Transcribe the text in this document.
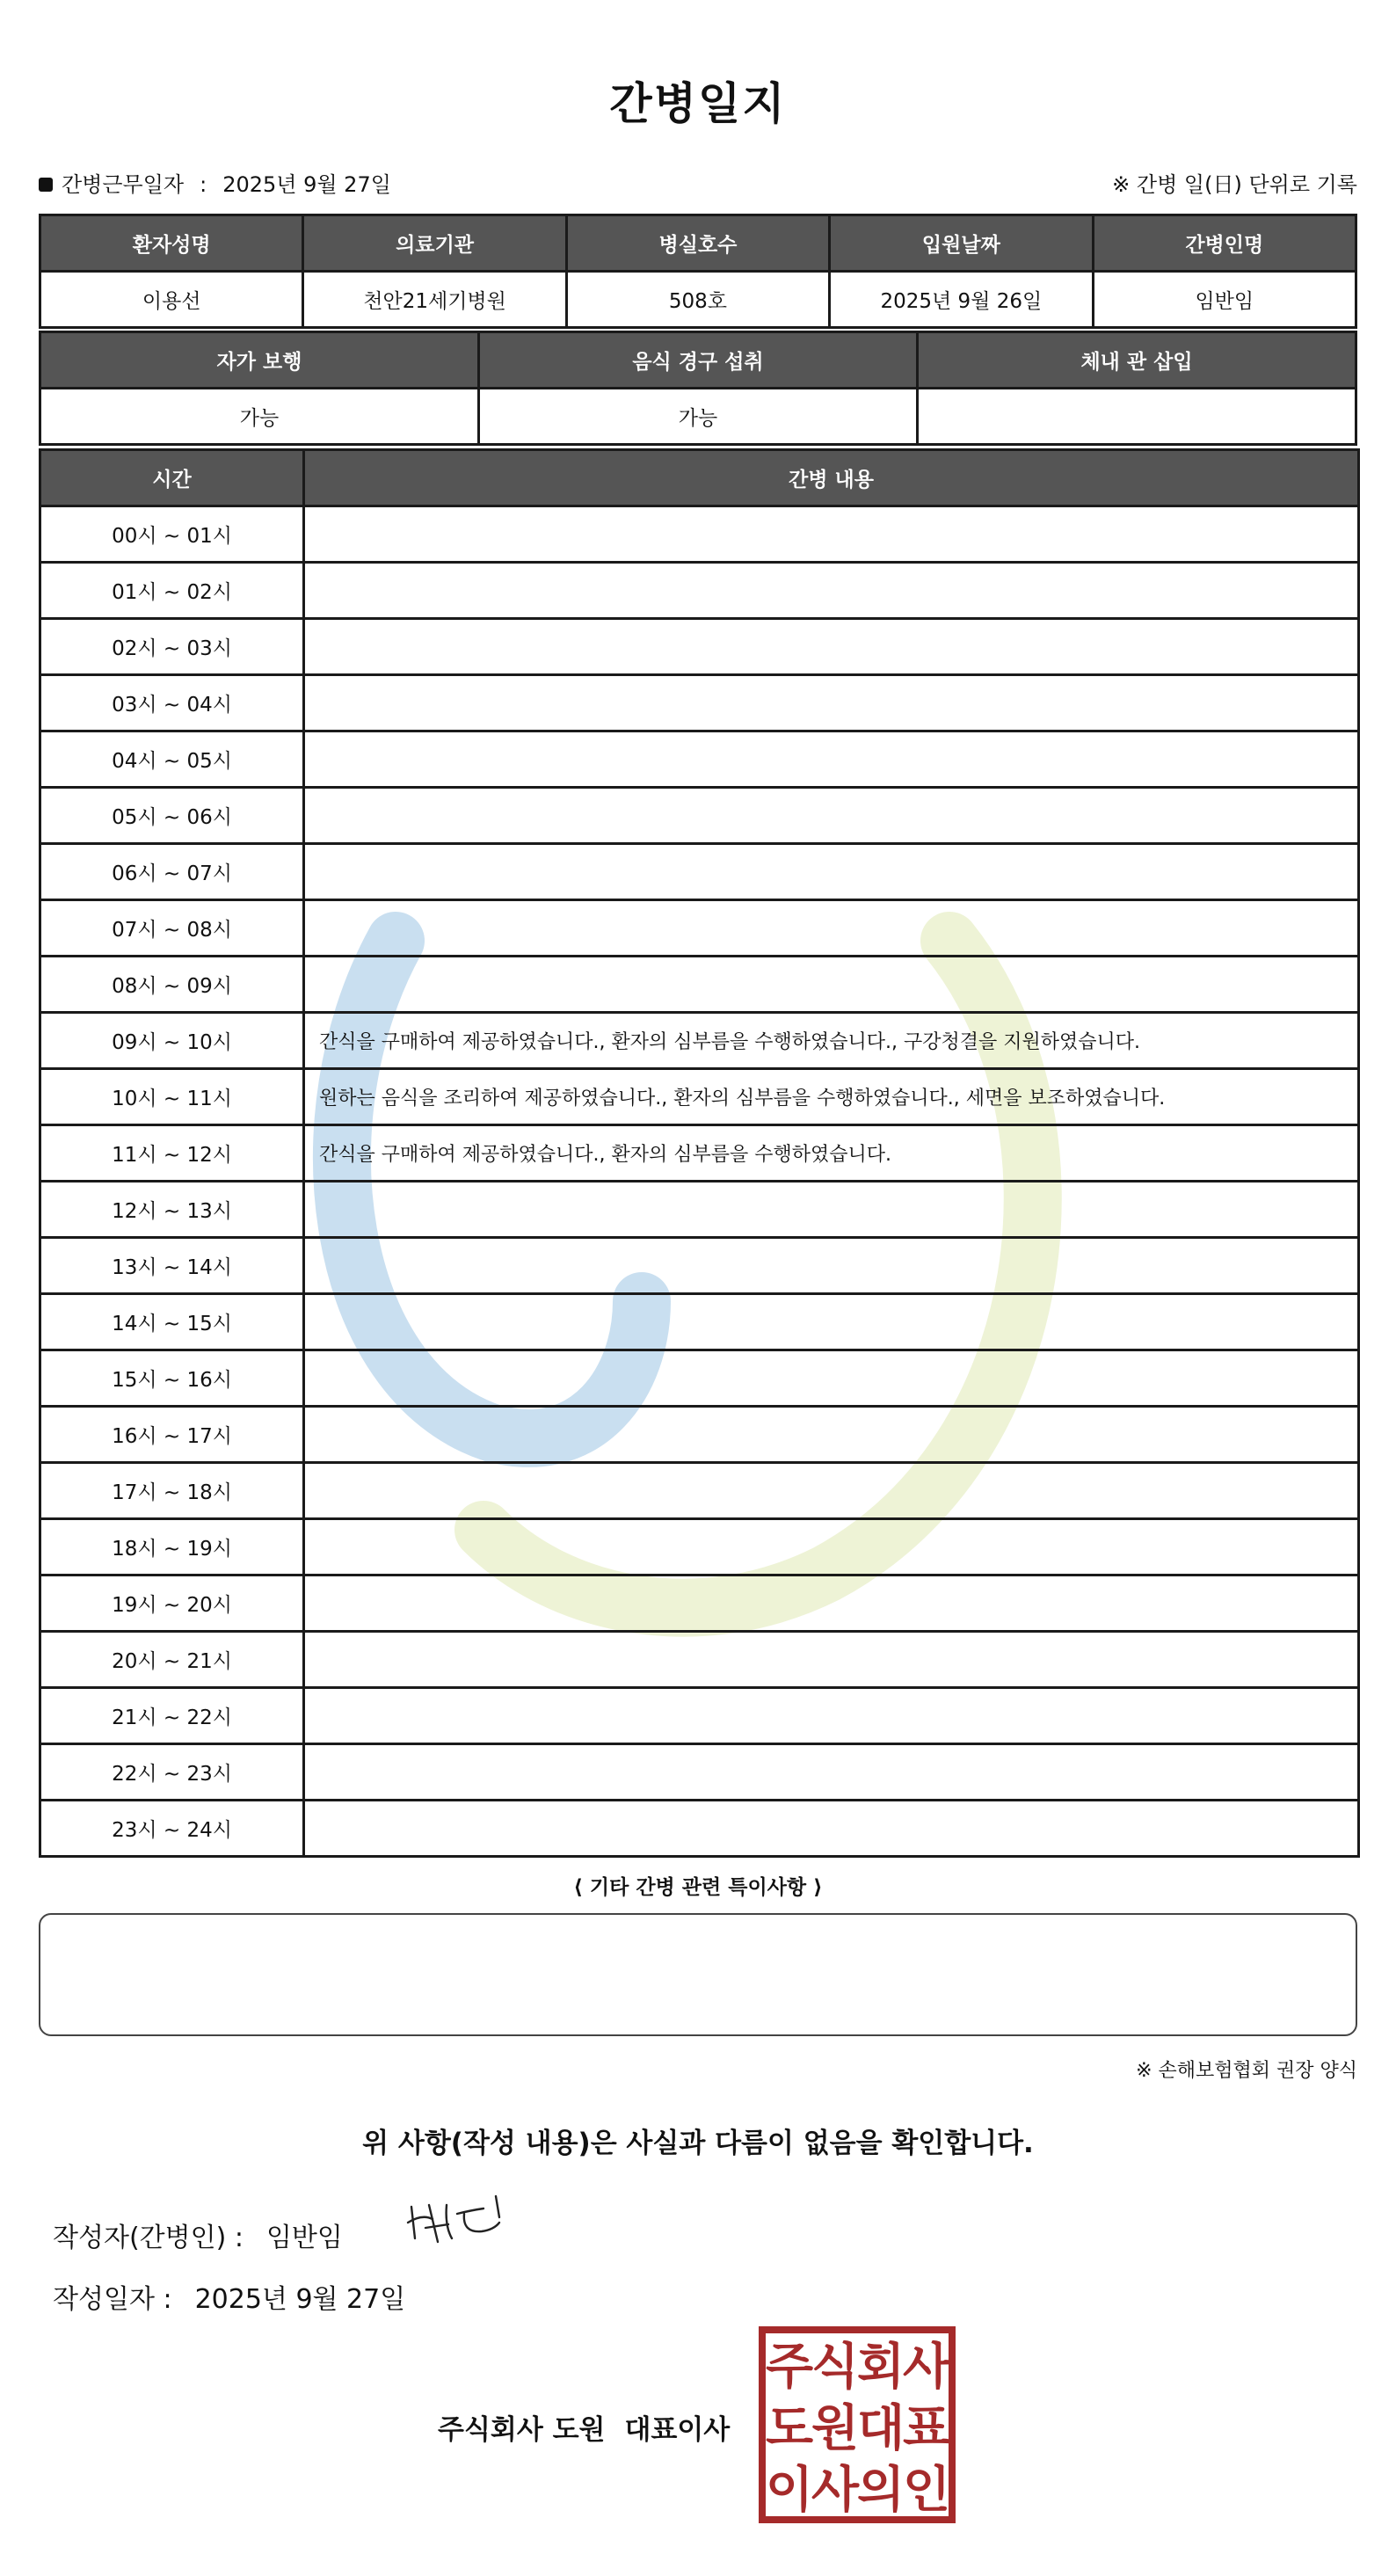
간병일지
간병근무일자 : 2025년 9월 27일	※ 간병 일(日) 단위로 기록
환자성명	의료기관	병실호수	입원날짜	간병인명
이용선	천안21세기병원	508호	2025년 9월 26일	임반임
자가 보행	음식 경구 섭취	체내 관 삽입
가능	가능	
시간	간병 내용
00시 ~ 01시	
01시 ~ 02시	
02시 ~ 03시	
03시 ~ 04시	
04시 ~ 05시	
05시 ~ 06시	
06시 ~ 07시	
07시 ~ 08시	
08시 ~ 09시	
09시 ~ 10시	간식을 구매하여 제공하였습니다., 환자의 심부름을 수행하였습니다., 구강청결을 지원하였습니다.
10시 ~ 11시	원하는 음식을 조리하여 제공하였습니다., 환자의 심부름을 수행하였습니다., 세면을 보조하였습니다.
11시 ~ 12시	간식을 구매하여 제공하였습니다., 환자의 심부름을 수행하였습니다.
12시 ~ 13시	
13시 ~ 14시	
14시 ~ 15시	
15시 ~ 16시	
16시 ~ 17시	
17시 ~ 18시	
18시 ~ 19시	
19시 ~ 20시	
20시 ~ 21시	
21시 ~ 22시	
22시 ~ 23시	
23시 ~ 24시	
⟨ 기타 간병 관련 특이사항 ⟩
※ 손해보험협회 권장 양식
위 사항(작성 내용)은 사실과 다름이 없음을 확인합니다.
작성자(간병인) : 임반임
작성일자 : 2025년 9월 27일
주식회사 도원 대표이사
주
식
회
사
도
원
대
표
이
사
의
인
